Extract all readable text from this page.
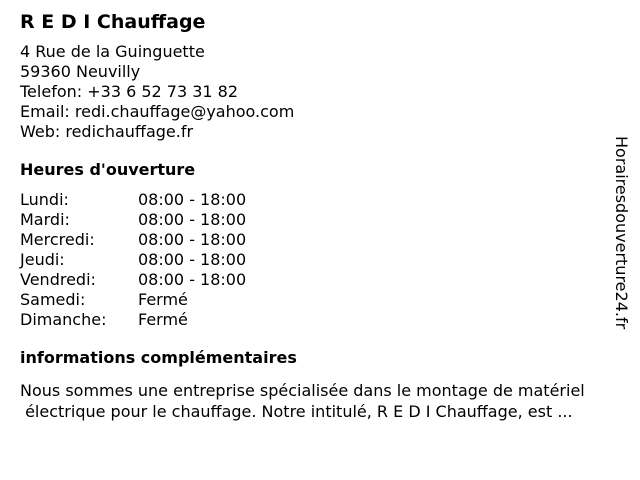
R E D I Chauffage
4 Rue de la Guinguette
59360 Neuvilly
Telefon: +33 6 52 73 31 82
Email: redi.chauffage@yahoo.com
Web: redichauffage.fr
Heures d'ouverture
Lundi:	08:00 - 18:00
Mardi:	08:00 - 18:00
Mercredi:	08:00 - 18:00
Jeudi:	08:00 - 18:00
Vendredi:	08:00 - 18:00
Samedi:	Fermé
Dimanche:	Fermé
informations complémentaires
Nous sommes une entreprise spécialisée dans le montage de matériel
électrique pour le chauffage. Notre intitulé, R E D I Chauffage, est ...
Horairesdouverture24.fr
